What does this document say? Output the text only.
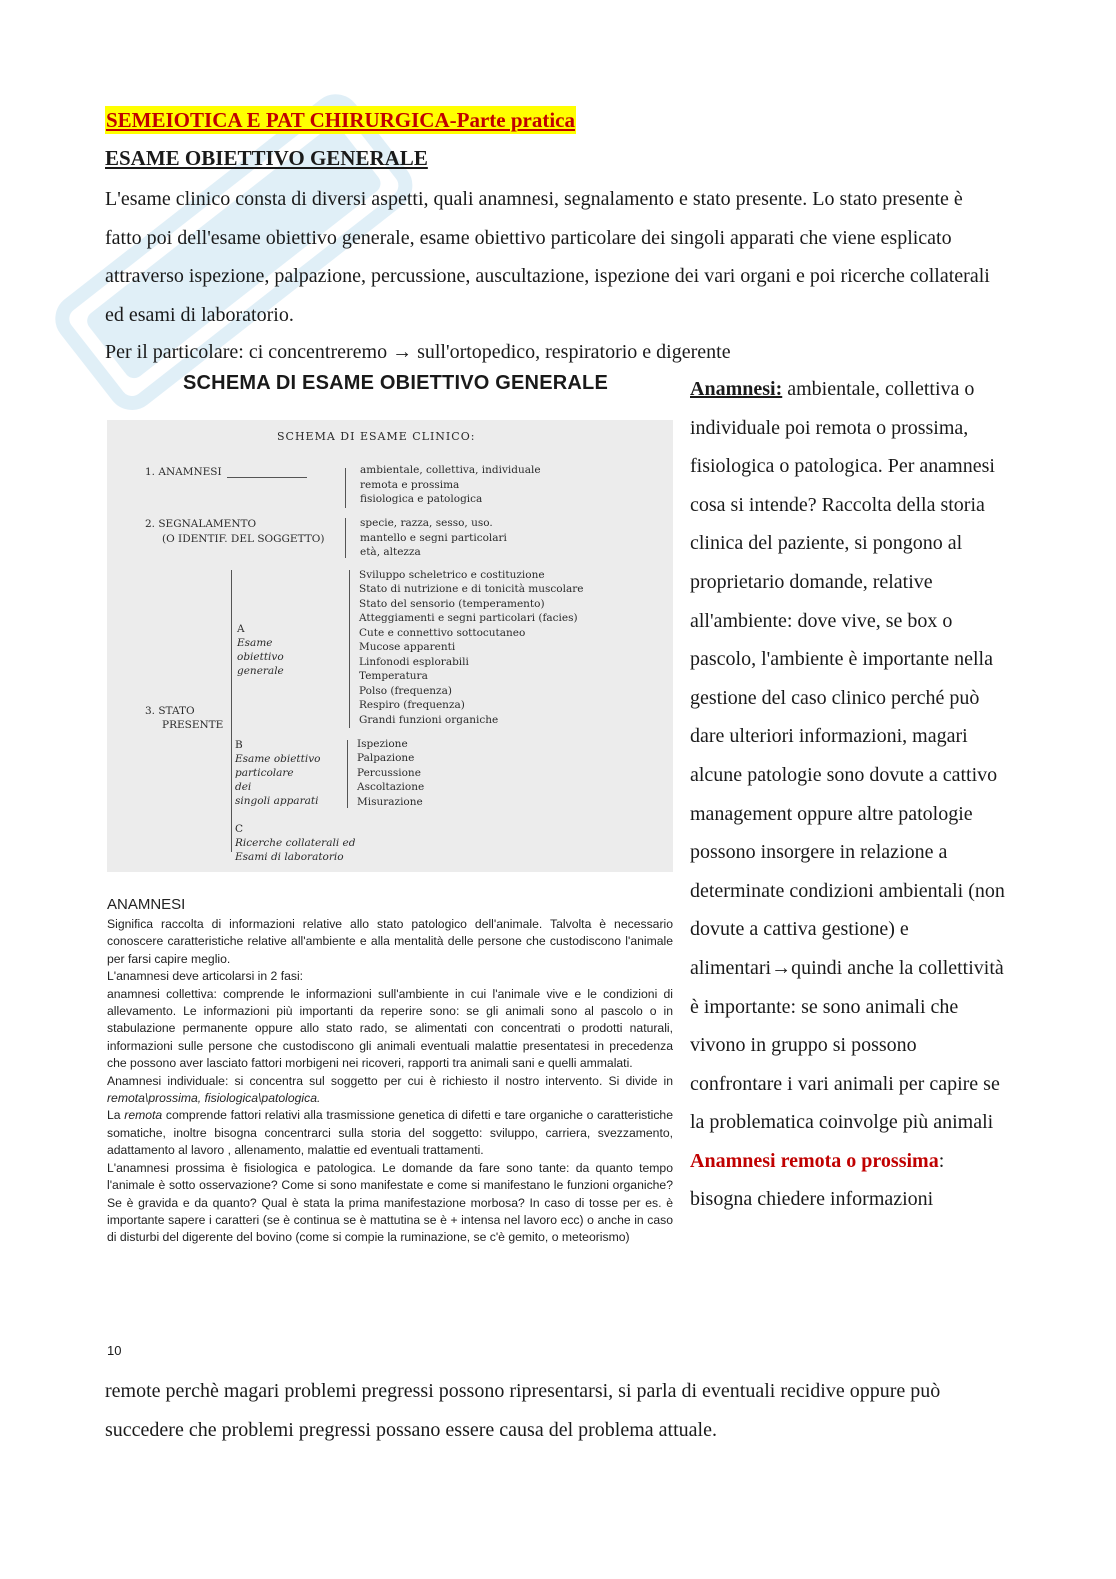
SEMEIOTICA E PAT CHIRURGICA-Parte pratica
ESAME OBIETTIVO GENERALE
L'esame clinico consta di diversi aspetti, quali anamnesi, segnalamento e stato presente. Lo stato presente è fatto poi dell'esame obiettivo generale, esame obiettivo particolare dei singoli apparati che viene esplicato attraverso ispezione, palpazione, percussione, auscultazione, ispezione dei vari organi e poi ricerche collaterali ed esami di laboratorio.
Per il particolare: ci concentreremo → sull'ortopedico, respiratorio e digerente
SCHEMA DI ESAME OBIETTIVO GENERALE
SCHEMA DI ESAME CLINICO:
1. ANAMNESI	ambientale, collettiva, individuale
remota e prossima
fisiologica e patologica
2. SEGNALAMENTO
(O IDENTIF. DEL SOGGETTO)
specie, razza, sesso, uso.
mantello e segni particolari
età, altezza
A
Esame
obiettivo
generale
Sviluppo scheletrico e costituzione
Stato di nutrizione e di tonicità muscolare
Stato del sensorio (temperamento)
Atteggiamenti e segni particolari (facies)
Cute e connettivo sottocutaneo
Mucose apparenti
Linfonodi esplorabili
Temperatura
Polso (frequenza)
Respiro (frequenza)
Grandi funzioni organiche
3. STATO
PRESENTE
B
Esame obiettivo
particolare
dei
singoli apparati
Ispezione
Palpazione
Percussione
Ascoltazione
Misurazione
C
Ricerche collaterali ed
Esami di laboratorio
ANAMNESI
Significa raccolta di informazioni relative allo stato patologico dell'animale. Talvolta è necessario conoscere caratteristiche relative all'ambiente e alla mentalità delle persone che custodiscono l'animale per farsi capire meglio.
L'anamnesi deve articolarsi in 2 fasi:
anamnesi collettiva: comprende le informazioni sull'ambiente in cui l'animale vive e le condizioni di allevamento. Le informazioni più importanti da reperire sono: se gli animali sono al pascolo o in stabulazione permanente oppure allo stato rado, se alimentati con concentrati o prodotti naturali, informazioni sulle persone che custodiscono gli animali eventuali malattie presentatesi in precedenza che possono aver lasciato fattori morbigeni nei ricoveri, rapporti tra animali sani e quelli ammalati.
Anamnesi individuale: si concentra sul soggetto per cui è richiesto il nostro intervento. Si divide in remota\prossima, fisiologica\patologica.
La remota comprende fattori relativi alla trasmissione genetica di difetti e tare organiche o caratteristiche somatiche, inoltre bisogna concentrarci sulla storia del soggetto: sviluppo, carriera, svezzamento, adattamento al lavoro , allenamento, malattie ed eventuali trattamenti.
L'anamnesi prossima è fisiologica e patologica. Le domande da fare sono tante: da quanto tempo l'animale è sotto osservazione? Come si sono manifestate e come si manifestano le funzioni organiche? Se è gravida e da quanto? Qual è stata la prima manifestazione morbosa? In caso di tosse per es. è importante sapere i caratteri (se è continua se è mattutina se è + intensa nel lavoro ecc) o anche in caso di disturbi del digerente del bovino (come si compie la ruminazione, se c'è gemito, o meteorismo)
10
Anamnesi: ambientale, collettiva o individuale poi remota o prossima, fisiologica o patologica. Per anamnesi cosa si intende? Raccolta della storia clinica del paziente, si pongono al proprietario domande, relative all'ambiente: dove vive, se box o pascolo, l'ambiente è importante nella gestione del caso clinico perché può dare ulteriori informazioni, magari alcune patologie sono dovute a cattivo management oppure altre patologie possono insorgere in relazione a determinate condizioni ambientali (non dovute a cattiva gestione) e alimentari→quindi anche la collettività è importante: se sono animali che vivono in gruppo si possono confrontare i vari animali per capire se la problematica coinvolge più animali
Anamnesi remota o prossima: bisogna chiedere informazioni
remote perchè magari problemi pregressi possono ripresentarsi, si parla di eventuali recidive oppure può succedere che problemi pregressi possano essere causa del problema attuale.
